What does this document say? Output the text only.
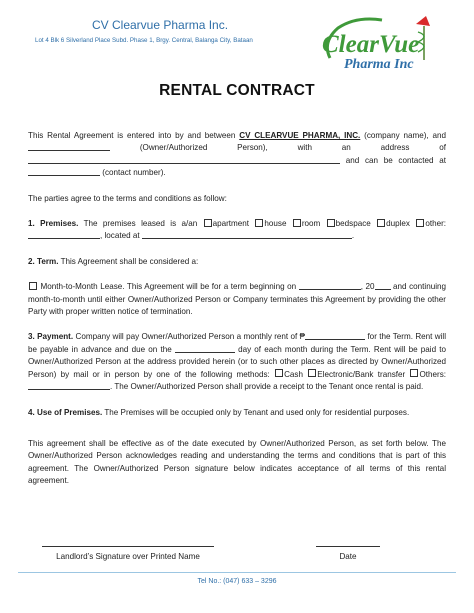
CV Clearvue Pharma Inc.
Lot 4 Blk 6 Silverland Place Subd. Phase 1, Brgy. Central, Balanga City, Bataan	ClearVue
Pharma Inc
RENTAL CONTRACT

This Rental Agreement is entered into by and between CV CLEARVUE PHARMA, INC. (company name), and  (Owner/Authorized Person), with an address of  and can be contacted at  (contact number).

The parties agree to the terms and conditions as follow:

1. Premises. The premises leased is a/an apartment house room bedspace duplex other: , located at	.

2. Term. This Agreement shall be considered a:

Month-to-Month Lease. This Agreement will be for a term beginning on	, 20 and continuing month-to-month until either Owner/Authorized Person or Company terminates this Agreement by providing the other Party with proper written notice of termination.

3. Payment. Company will pay Owner/Authorized Person a monthly rent of ₱	for the Term. Rent will be payable in advance and due on the	day of each month during the Term. Rent will be paid to Owner/Authorized Person at the address provided herein (or to such other places as directed by Owner/Authorized Person) by mail or in person by one of the following methods: Cash Electronic/Bank transfer Others: . The Owner/Authorized Person shall provide a receipt to the Tenant once rental is paid.

4. Use of Premises. The Premises will be occupied only by Tenant and used only for residential purposes.

This agreement shall be effective as of the date executed by Owner/Authorized Person, as set forth below. The Owner/Authorized Person acknowledges reading and understanding the terms and conditions that is part of this agreement. The Owner/Authorized Person signature below indicates acceptance of all terms of this rental agreement.

Landlord’s Signature over Printed Name	Date
Tel No.: (047) 633 – 3296
